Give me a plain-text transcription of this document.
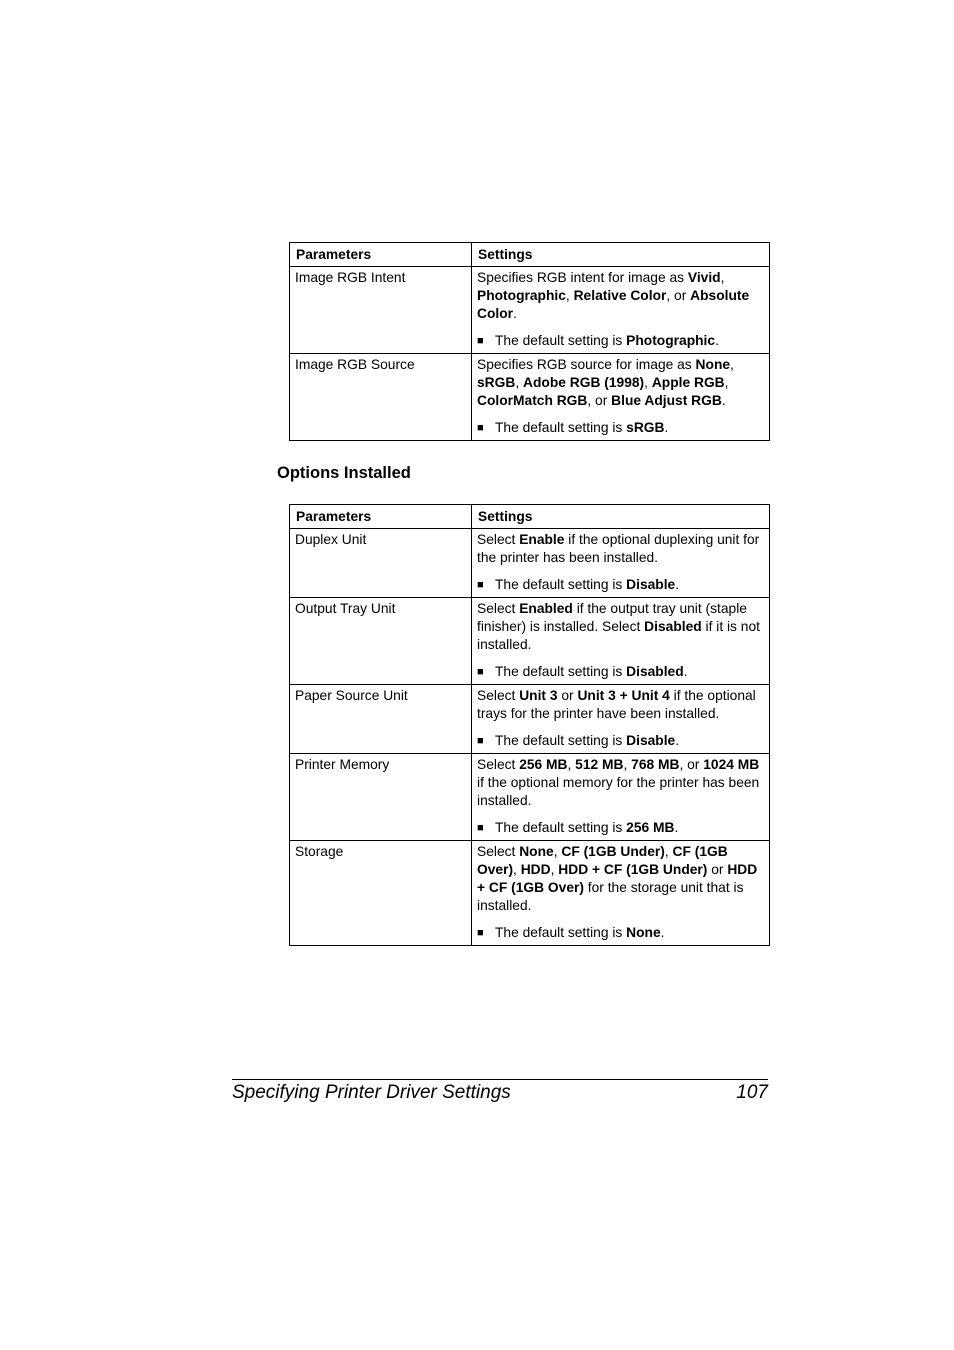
Parameters	Settings
Image RGB Intent	Specifies RGB intent for image as Vivid, Photographic, Relative Color, or Absolute Color.

■ The default setting is Photographic.

Image RGB Source	Specifies RGB source for image as None, sRGB, Adobe RGB (1998), Apple RGB, ColorMatch RGB, or Blue Adjust RGB.

■ The default setting is sRGB.

Options Installed
Parameters	Settings
Duplex Unit	Select Enable if the optional duplexing unit for the printer has been installed.

■ The default setting is Disable.

Output Tray Unit	Select Enabled if the output tray unit (staple finisher) is installed. Select Disabled if it is not installed.

■ The default setting is Disabled.

Paper Source Unit	Select Unit 3 or Unit 3 + Unit 4 if the optional trays for the printer have been installed.

■ The default setting is Disable.

Printer Memory	Select 256 MB, 512 MB, 768 MB, or 1024 MB if the optional memory for the printer has been installed.

■ The default setting is 256 MB.

Storage	Select None, CF (1GB Under), CF (1GB Over), HDD, HDD + CF (1GB Under) or HDD + CF (1GB Over) for the storage unit that is installed.

■ The default setting is None.

Specifying Printer Driver Settings	107
